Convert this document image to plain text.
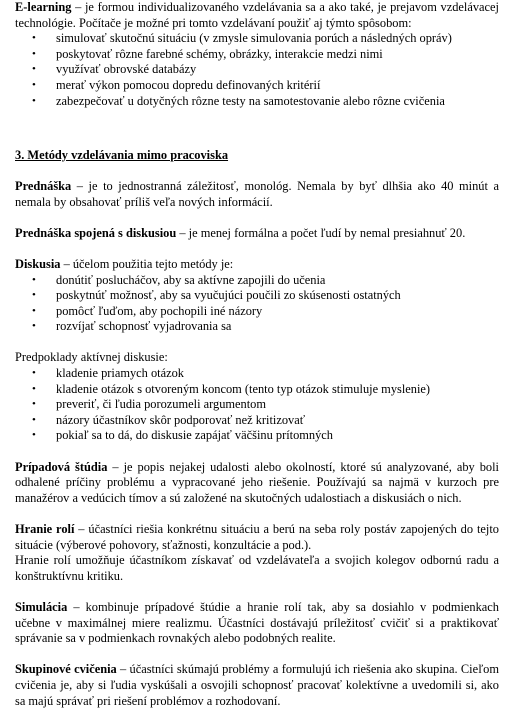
E-learning – je formou individualizovaného vzdelávania sa a ako také, je prejavom vzdelávacej technológie. Počítače je možné pri tomto vzdelávaní použiť aj týmto spôsobom:

• simulovať skutočnú situáciu (v zmysle simulovania porúch a následných opráv)
• poskytovať rôzne farebné schémy, obrázky, interakcie medzi nimi
• využívať obrovské databázy
• merať výkon pomocou dopredu definovaných kritérií
• zabezpečovať u dotyčných rôzne testy na samotestovanie alebo rôzne cvičenia

3. Metódy vzdelávania mimo pracoviska

Prednáška – je to jednostranná záležitosť, monológ. Nemala by byť dlhšia ako 40 minút a nemala by obsahovať príliš veľa nových informácií.

Prednáška spojená s diskusiou – je menej formálna a počet ľudí by nemal presiahnuť 20.

Diskusia – účelom použitia tejto metódy je:

• donútiť poslucháčov, aby sa aktívne zapojili do učenia
• poskytnúť možnosť, aby sa vyučujúci poučili zo skúsenosti ostatných
• pomôcť ľuďom, aby pochopili iné názory
• rozvíjať schopnosť vyjadrovania sa

Predpoklady aktívnej diskusie:

• kladenie priamych otázok
• kladenie otázok s otvoreným koncom (tento typ otázok stimuluje myslenie)
• preveriť, či ľudia porozumeli argumentom
• názory účastníkov skôr podporovať než kritizovať
• pokiaľ sa to dá, do diskusie zapájať väčšinu prítomných

Prípadová štúdia – je popis nejakej udalosti alebo okolností, ktoré sú analyzované, aby boli odhalené príčiny problému a vypracované jeho riešenie. Používajú sa najmä v kurzoch pre manažérov a vedúcich tímov a sú založené na skutočných udalostiach a diskusiách o nich.

Hranie rolí – účastníci riešia konkrétnu situáciu a berú na seba roly postáv zapojených do tejto situácie (výberové pohovory, sťažnosti, konzultácie a pod.).

Hranie rolí umožňuje účastníkom získavať od vzdelávateľa a svojich kolegov odbornú radu a konštruktívnu kritiku.

Simulácia – kombinuje prípadové štúdie a hranie rolí tak, aby sa dosiahlo v podmienkach učebne v maximálnej miere realizmu. Účastníci dostávajú príležitosť cvičiť si a praktikovať správanie sa v podmienkach rovnakých alebo podobných realite.

Skupinové cvičenia – účastníci skúmajú problémy a formulujú ich riešenia ako skupina. Cieľom cvičenia je, aby si ľudia vyskúšali a osvojili schopnosť pracovať kolektívne a uvedomili si, ako sa majú správať pri riešení problémov a rozhodovaní.
